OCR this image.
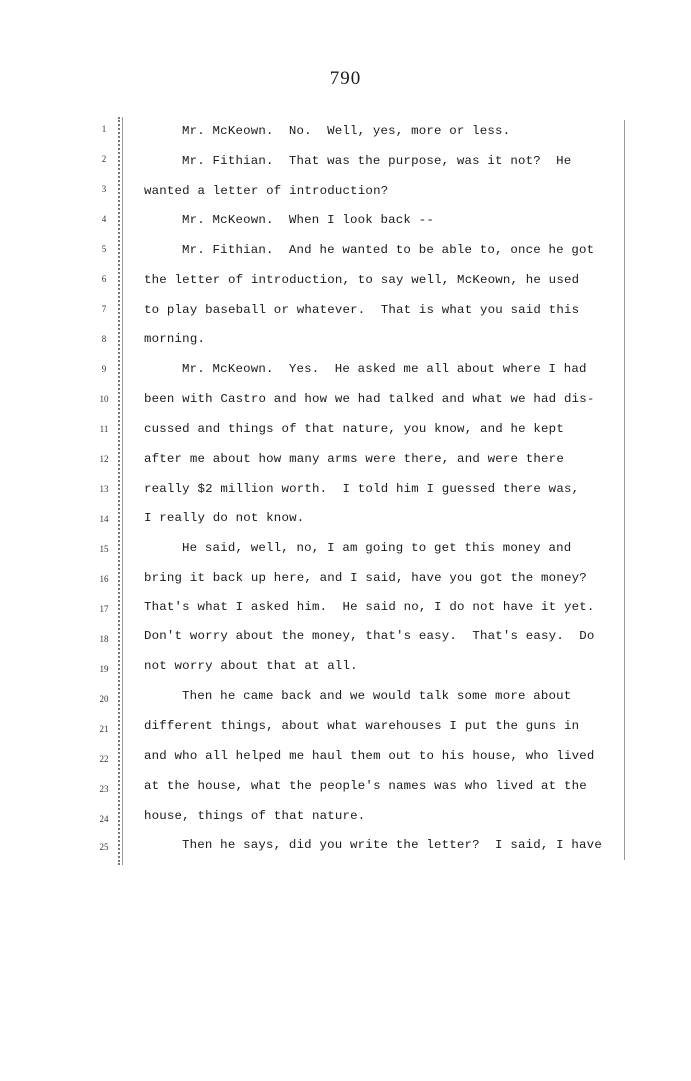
790
1
2
3
4
5
6
7
8
9
10
11
12
13
14
15
16
17
18
19
20
21
22
23
24
25
Mr. McKeown.  No.  Well, yes, more or less.
Mr. Fithian.  That was the purpose, was it not?  He
wanted a letter of introduction?
Mr. McKeown.  When I look back --
Mr. Fithian.  And he wanted to be able to, once he got
the letter of introduction, to say well, McKeown, he used
to play baseball or whatever.  That is what you said this
morning.
Mr. McKeown.  Yes.  He asked me all about where I had
been with Castro and how we had talked and what we had dis-
cussed and things of that nature, you know, and he kept
after me about how many arms were there, and were there
really $2 million worth.  I told him I guessed there was,
I really do not know.
He said, well, no, I am going to get this money and
bring it back up here, and I said, have you got the money?
That's what I asked him.  He said no, I do not have it yet.
Don't worry about the money, that's easy.  That's easy.  Do
not worry about that at all.
Then he came back and we would talk some more about
different things, about what warehouses I put the guns in
and who all helped me haul them out to his house, who lived
at the house, what the people's names was who lived at the
house, things of that nature.
Then he says, did you write the letter?  I said, I have
